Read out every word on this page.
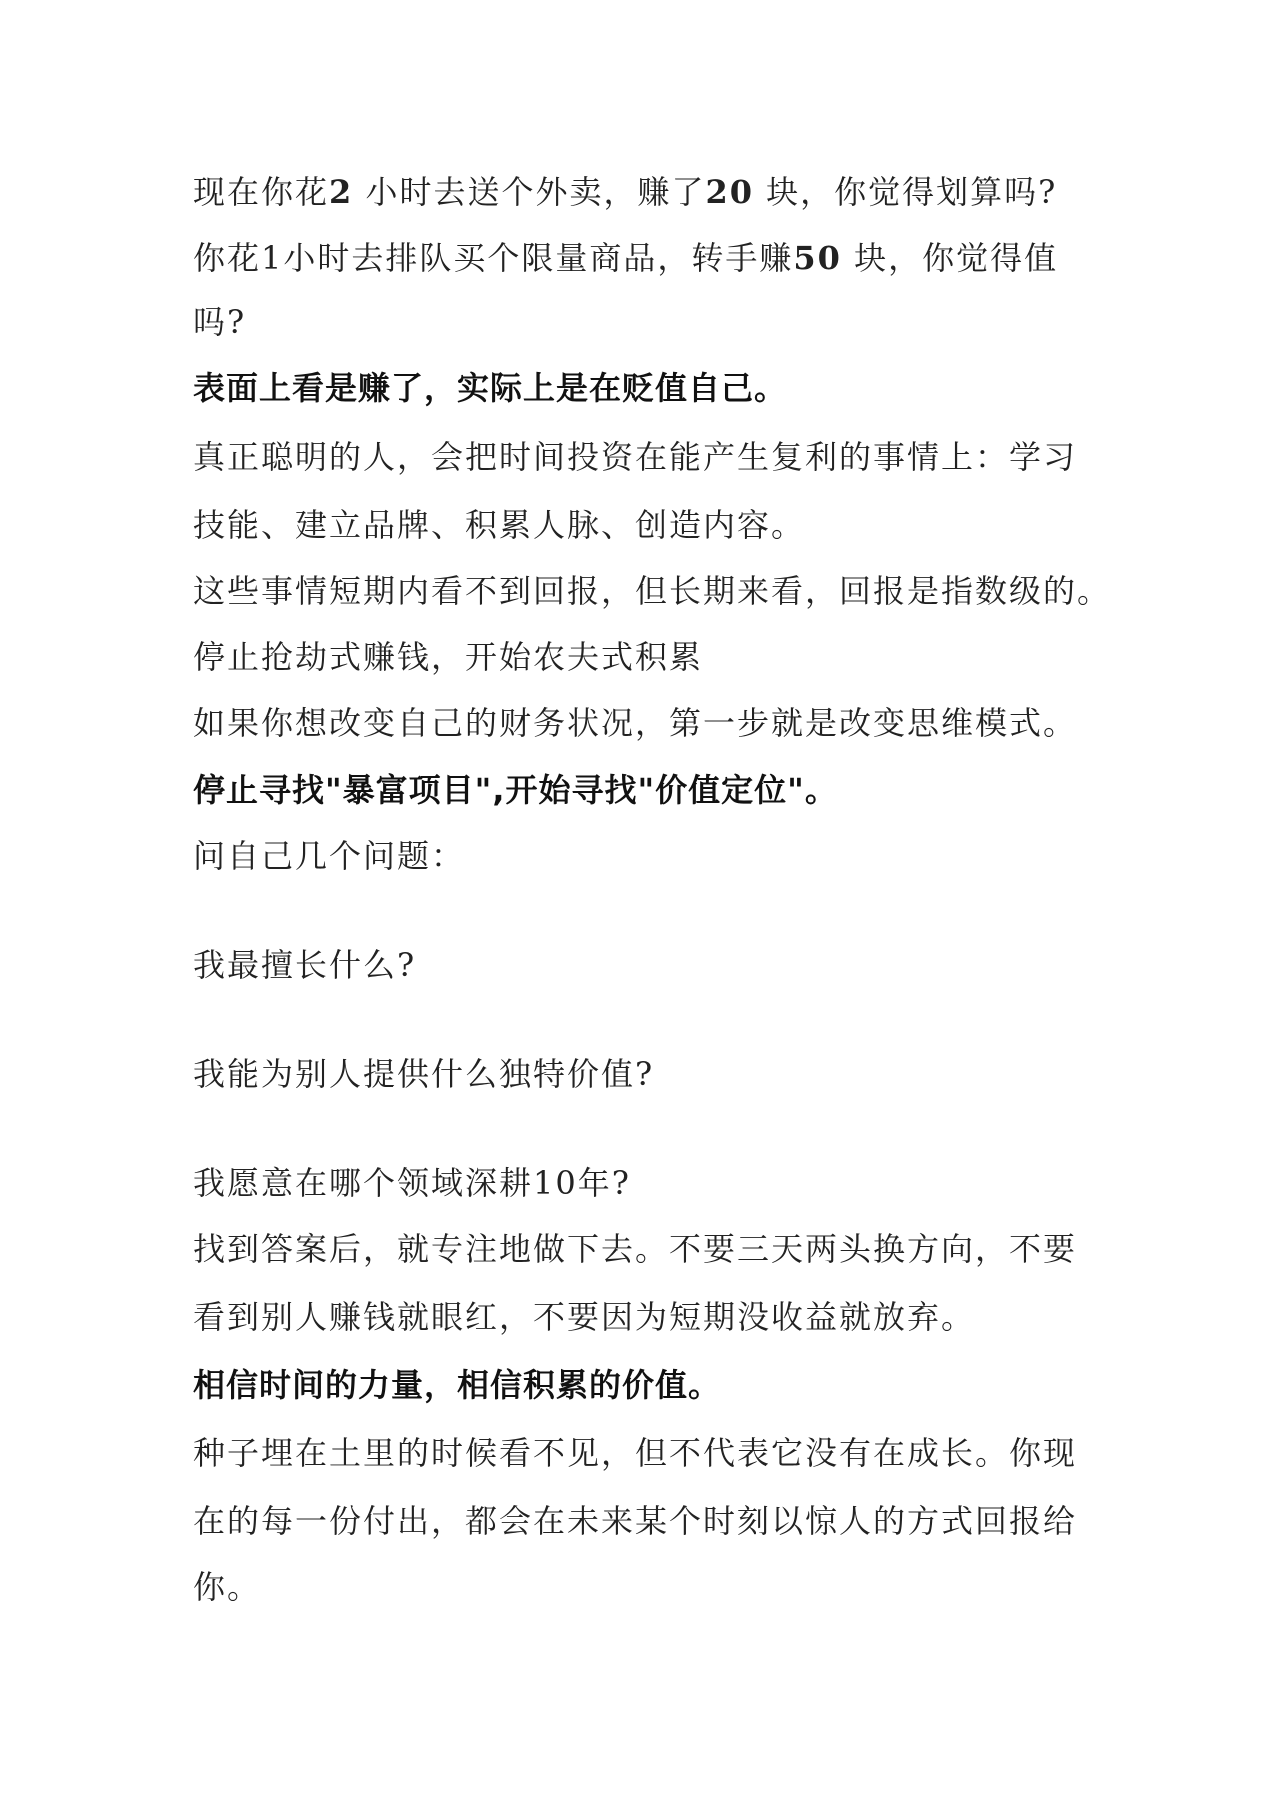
现在你花2 小时去送个外卖，赚了20 块，你觉得划算吗?
你花1小时去排队买个限量商品，转手赚50 块，你觉得值
吗?
表面上看是赚了，实际上是在贬值自己。
真正聪明的人，会把时间投资在能产生复利的事情上：学习
技能、建立品牌、积累人脉、创造内容。
这些事情短期内看不到回报，但长期来看，回报是指数级的。
停止抢劫式赚钱，开始农夫式积累
如果你想改变自己的财务状况，第一步就是改变思维模式。
停止寻找"暴富项目",开始寻找"价值定位"。
问自己几个问题：
我最擅长什么?
我能为别人提供什么独特价值?
我愿意在哪个领域深耕10年?
找到答案后，就专注地做下去。不要三天两头换方向，不要
看到别人赚钱就眼红，不要因为短期没收益就放弃。
相信时间的力量，相信积累的价值。
种子埋在土里的时候看不见，但不代表它没有在成长。你现
在的每一份付出，都会在未来某个时刻以惊人的方式回报给
你。
